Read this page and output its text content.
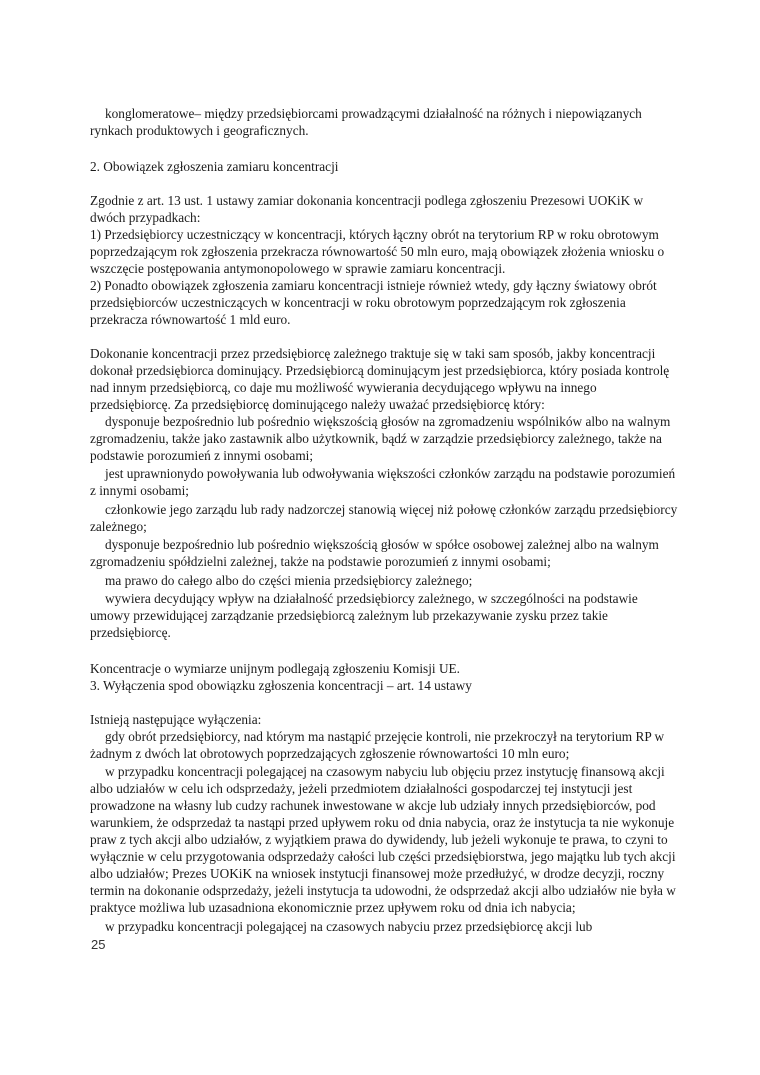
konglomeratowe– między przedsiębiorcami prowadzącymi działalność na różnych i niepowiązanych rynkach produktowych i geograficznych.

2. Obowiązek zgłoszenia zamiaru koncentracji

Zgodnie z art. 13 ust. 1 ustawy zamiar dokonania koncentracji podlega zgłoszeniu Prezesowi UOKiK w dwóch przypadkach:

1) Przedsiębiorcy uczestniczący w koncentracji, których łączny obrót na terytorium RP w roku obrotowym poprzedzającym rok zgłoszenia przekracza równowartość 50 mln euro, mają obowiązek złożenia wniosku o wszczęcie postępowania antymonopolowego w sprawie zamiaru koncentracji.

2) Ponadto obowiązek zgłoszenia zamiaru koncentracji istnieje również wtedy, gdy łączny światowy obrót przedsiębiorców uczestniczących w koncentracji w roku obrotowym poprzedzającym rok zgłoszenia przekracza równowartość 1 mld euro.

Dokonanie koncentracji przez przedsiębiorcę zależnego traktuje się w taki sam sposób, jakby koncentracji dokonał przedsiębiorca dominujący. Przedsiębiorcą dominującym jest przedsiębiorca, który posiada kontrolę nad innym przedsiębiorcą, co daje mu możliwość wywierania decydującego wpływu na innego przedsiębiorcę. Za przedsiębiorcę dominującego należy uważać przedsiębiorcę który:

dysponuje bezpośrednio lub pośrednio większością głosów na zgromadzeniu wspólników albo na walnym zgromadzeniu, także jako zastawnik albo użytkownik, bądź w zarządzie przedsiębiorcy zależnego, także na podstawie porozumień z innymi osobami;

jest uprawnionydo powoływania lub odwoływania większości członków zarządu na podstawie porozumień z innymi osobami;

członkowie jego zarządu lub rady nadzorczej stanowią więcej niż połowę członków zarządu przedsiębiorcy zależnego;

dysponuje bezpośrednio lub pośrednio większością głosów w spółce osobowej zależnej albo na walnym zgromadzeniu spółdzielni zależnej, także na podstawie porozumień z innymi osobami;

ma prawo do całego albo do części mienia przedsiębiorcy zależnego;

wywiera decydujący wpływ na działalność przedsiębiorcy zależnego, w szczególności na podstawie umowy przewidującej zarządzanie przedsiębiorcą zależnym lub przekazywanie zysku przez takie przedsiębiorcę.

Koncentracje o wymiarze unijnym podlegają zgłoszeniu Komisji UE.

3. Wyłączenia spod obowiązku zgłoszenia koncentracji – art. 14 ustawy

Istnieją następujące wyłączenia:

gdy obrót przedsiębiorcy, nad którym ma nastąpić przejęcie kontroli, nie przekroczył na terytorium RP w żadnym z dwóch lat obrotowych poprzedzających zgłoszenie równowartości 10 mln euro;

w przypadku koncentracji polegającej na czasowym nabyciu lub objęciu przez instytucję finansową akcji albo udziałów w celu ich odsprzedaży, jeżeli przedmiotem działalności gospodarczej tej instytucji jest prowadzone na własny lub cudzy rachunek inwestowane w akcje lub udziały innych przedsiębiorców, pod warunkiem, że odsprzedaż ta nastąpi przed upływem roku od dnia nabycia, oraz że instytucja ta nie wykonuje praw z tych akcji albo udziałów, z wyjątkiem prawa do dywidendy, lub jeżeli wykonuje te prawa, to czyni to wyłącznie w celu przygotowania odsprzedaży całości lub części przedsiębiorstwa, jego majątku lub tych akcji albo udziałów; Prezes UOKiK na wniosek instytucji finansowej może przedłużyć, w drodze decyzji, roczny termin na dokonanie odsprzedaży, jeżeli instytucja ta udowodni, że odsprzedaż akcji albo udziałów nie była w praktyce możliwa lub uzasadniona ekonomicznie przez upływem roku od dnia ich nabycia;

w przypadku koncentracji polegającej na czasowych nabyciu przez przedsiębiorcę akcji lub

25
